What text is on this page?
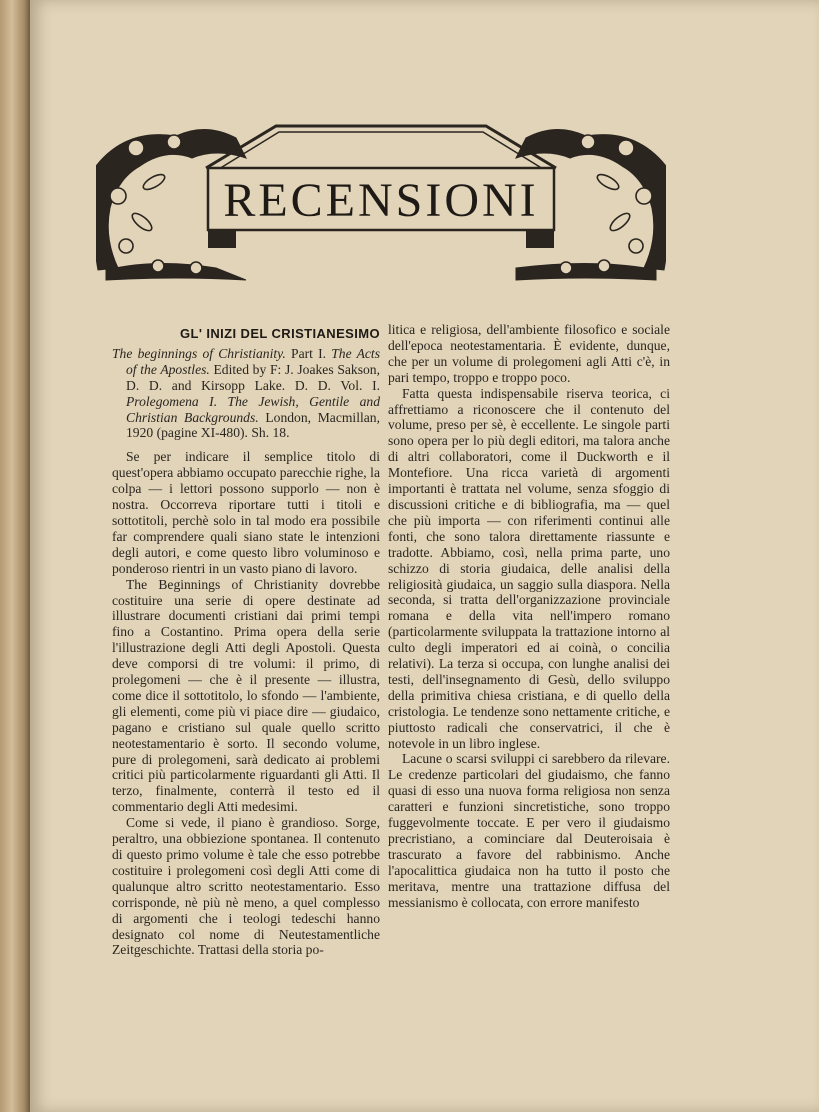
RECENSIONI
GL' INIZI DEL CRISTIANESIMO

The beginnings of Christianity. Part I. The Acts of the Apostles. Edited by F: J. Joakes Sakson, D. D. and Kirsopp Lake. D. D. Vol. I. Prolegomena I. The Jewish, Gentile and Christian Backgrounds. London, Macmillan, 1920 (pagine XI-480). Sh. 18.

Se per indicare il semplice titolo di quest'opera abbiamo occupato parecchie righe, la colpa — i lettori possono supporlo — non è nostra. Occorreva riportare tutti i titoli e sottotitoli, perchè solo in tal modo era possibile far comprendere quali siano state le intenzioni degli autori, e come questo libro voluminoso e ponderoso rientri in un vasto piano di lavoro.

The Beginnings of Christianity dovrebbe costituire una serie di opere destinate ad illustrare documenti cristiani dai primi tempi fino a Costantino. Prima opera della serie l'illustrazione degli Atti degli Apostoli. Questa deve comporsi di tre volumi: il primo, di prolegomeni — che è il presente — illustra, come dice il sottotitolo, lo sfondo — l'ambiente, gli elementi, come più vi piace dire — giudaico, pagano e cristiano sul quale quello scritto neotestamentario è sorto. Il secondo volume, pure di prolegomeni, sarà dedicato ai problemi critici più particolarmente riguardanti gli Atti. Il terzo, finalmente, conterrà il testo ed il commentario degli Atti medesimi.

Come si vede, il piano è grandioso. Sorge, peraltro, una obbiezione spontanea. Il contenuto di questo primo volume è tale che esso potrebbe costituire i prolegomeni così degli Atti come di qualunque altro scritto neotestamentario. Esso corrisponde, nè più nè meno, a quel complesso di argomenti che i teologi tedeschi hanno designato col nome di Neutestamentliche Zeitgeschichte. Trattasi della storia po-

litica e religiosa, dell'ambiente filosofico e sociale dell'epoca neotestamentaria. È evidente, dunque, che per un volume di prolegomeni agli Atti c'è, in pari tempo, troppo e troppo poco.

Fatta questa indispensabile riserva teorica, ci affrettiamo a riconoscere che il contenuto del volume, preso per sè, è eccellente. Le singole parti sono opera per lo più degli editori, ma talora anche di altri collaboratori, come il Duckworth e il Montefiore. Una ricca varietà di argomenti importanti è trattata nel volume, senza sfoggio di discussioni critiche e di bibliografia, ma — quel che più importa — con riferimenti continui alle fonti, che sono talora direttamente riassunte e tradotte. Abbiamo, così, nella prima parte, uno schizzo di storia giudaica, delle analisi della religiosità giudaica, un saggio sulla diaspora. Nella seconda, si tratta dell'organizzazione provinciale romana e della vita nell'impero romano (particolarmente sviluppata la trattazione intorno al culto degli imperatori ed ai coinà, o concilia relativi). La terza si occupa, con lunghe analisi dei testi, dell'insegnamento di Gesù, dello sviluppo della primitiva chiesa cristiana, e di quello della cristologia. Le tendenze sono nettamente critiche, e piuttosto radicali che conservatrici, il che è notevole in un libro inglese.

Lacune o scarsi sviluppi ci sarebbero da rilevare. Le credenze particolari del giudaismo, che fanno quasi di esso una nuova forma religiosa non senza caratteri e funzioni sincretistiche, sono troppo fuggevolmente toccate. E per vero il giudaismo precristiano, a cominciare dal Deuteroisaia è trascurato a favore del rabbinismo. Anche l'apocalittica giudaica non ha tutto il posto che meritava, mentre una trattazione diffusa del messianismo è collocata, con errore manifesto
